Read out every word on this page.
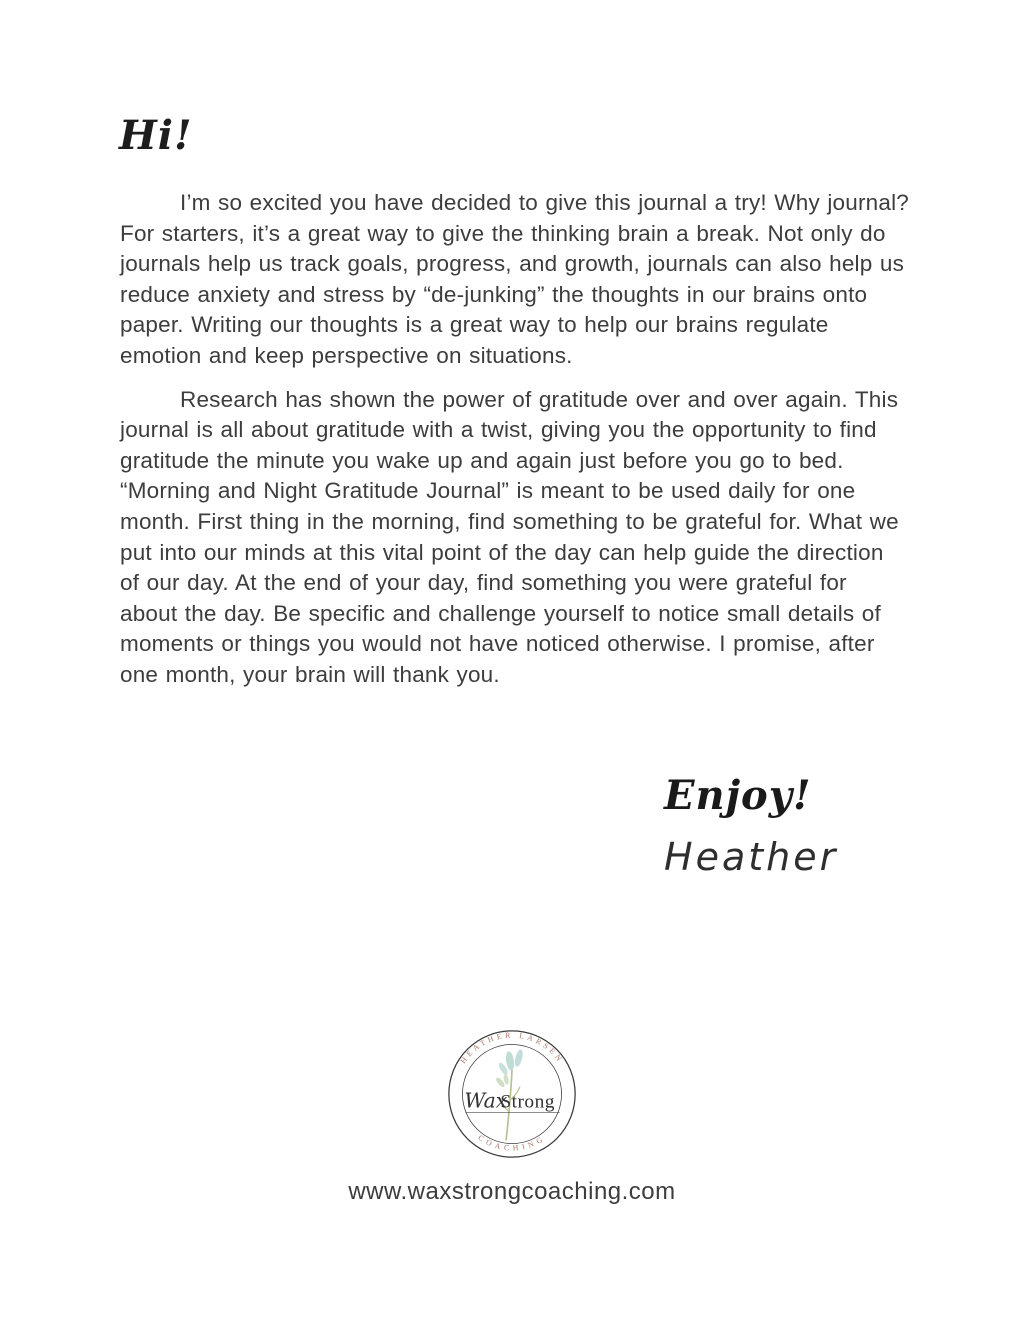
Hi!

I’m so excited you have decided to give this journal a try! Why journal? For starters, it’s a great way to give the thinking brain a break. Not only do journals help us track goals, progress, and growth, journals can also help us reduce anxiety and stress by “de-junking” the thoughts in our brains onto paper. Writing our thoughts is a great way to help our brains regulate emotion and keep perspective on situations.

Research has shown the power of gratitude over and over again. This journal is all about gratitude with a twist, giving you the opportunity to find gratitude the minute you wake up and again just before you go to bed. “Morning and Night Gratitude Journal” is meant to be used daily for one month. First thing in the morning, find something to be grateful for. What we put into our minds at this vital point of the day can help guide the direction of our day. At the end of your day, find something you were grateful for about the day. Be specific and challenge yourself to notice small details of moments or things you would not have noticed otherwise. I promise, after one month, your brain will thank you.

Enjoy!
Heather
HEATHER LARSEN
COACHING
Wax
Strong
www.waxstrongcoaching.com
